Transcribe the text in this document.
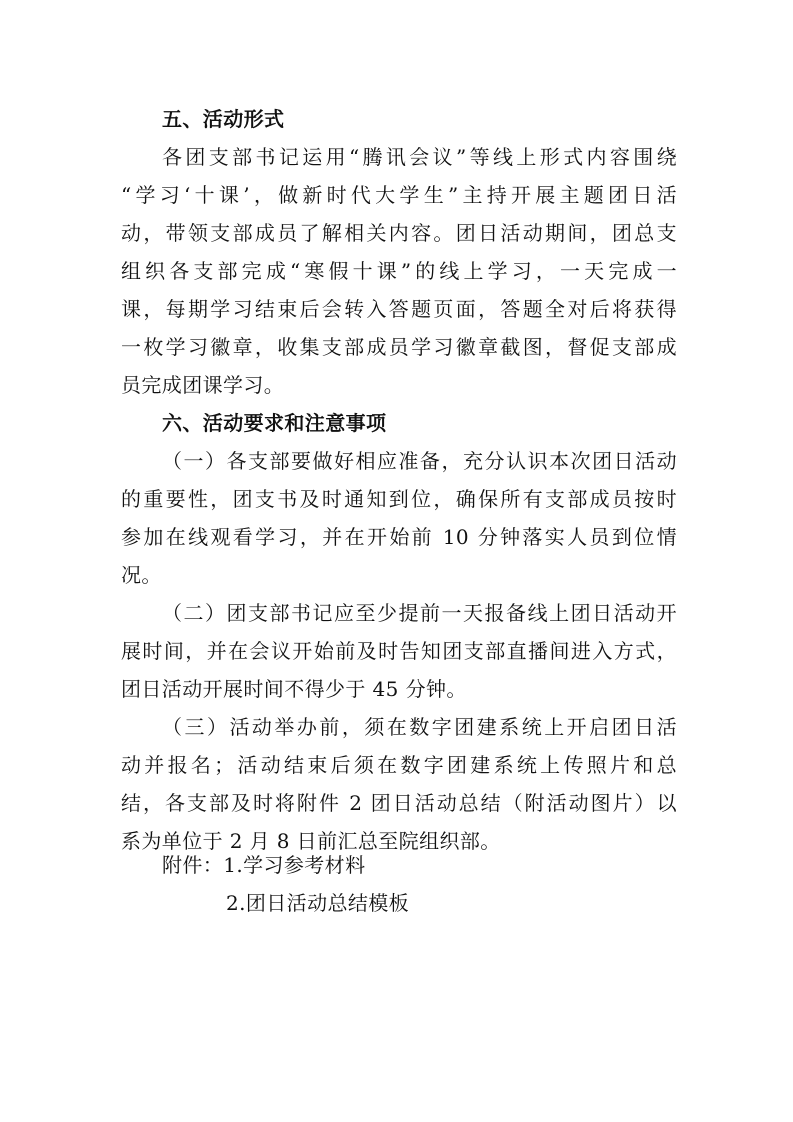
五、活动形式
各团支部书记运用“腾讯会议”等线上形式内容围绕
“学习‘十课’，做新时代大学生”主持开展主题团日活
动，带领支部成员了解相关内容。团日活动期间，团总支
组织各支部完成“寒假十课”的线上学习，一天完成一
课，每期学习结束后会转入答题页面，答题全对后将获得
一枚学习徽章，收集支部成员学习徽章截图，督促支部成
员完成团课学习。
六、活动要求和注意事项
（一）各支部要做好相应准备，充分认识本次团日活动
的重要性，团支书及时通知到位，确保所有支部成员按时
参加在线观看学习，并在开始前 10 分钟落实人员到位情
况。
（二）团支部书记应至少提前一天报备线上团日活动开
展时间，并在会议开始前及时告知团支部直播间进入方式，
团日活动开展时间不得少于 45 分钟。
（三）活动举办前，须在数字团建系统上开启团日活
动并报名；活动结束后须在数字团建系统上传照片和总
结，各支部及时将附件 2 团日活动总结（附活动图片）以
系为单位于 2 月 8 日前汇总至院组织部。
附件：1.学习参考材料
2.团日活动总结模板
